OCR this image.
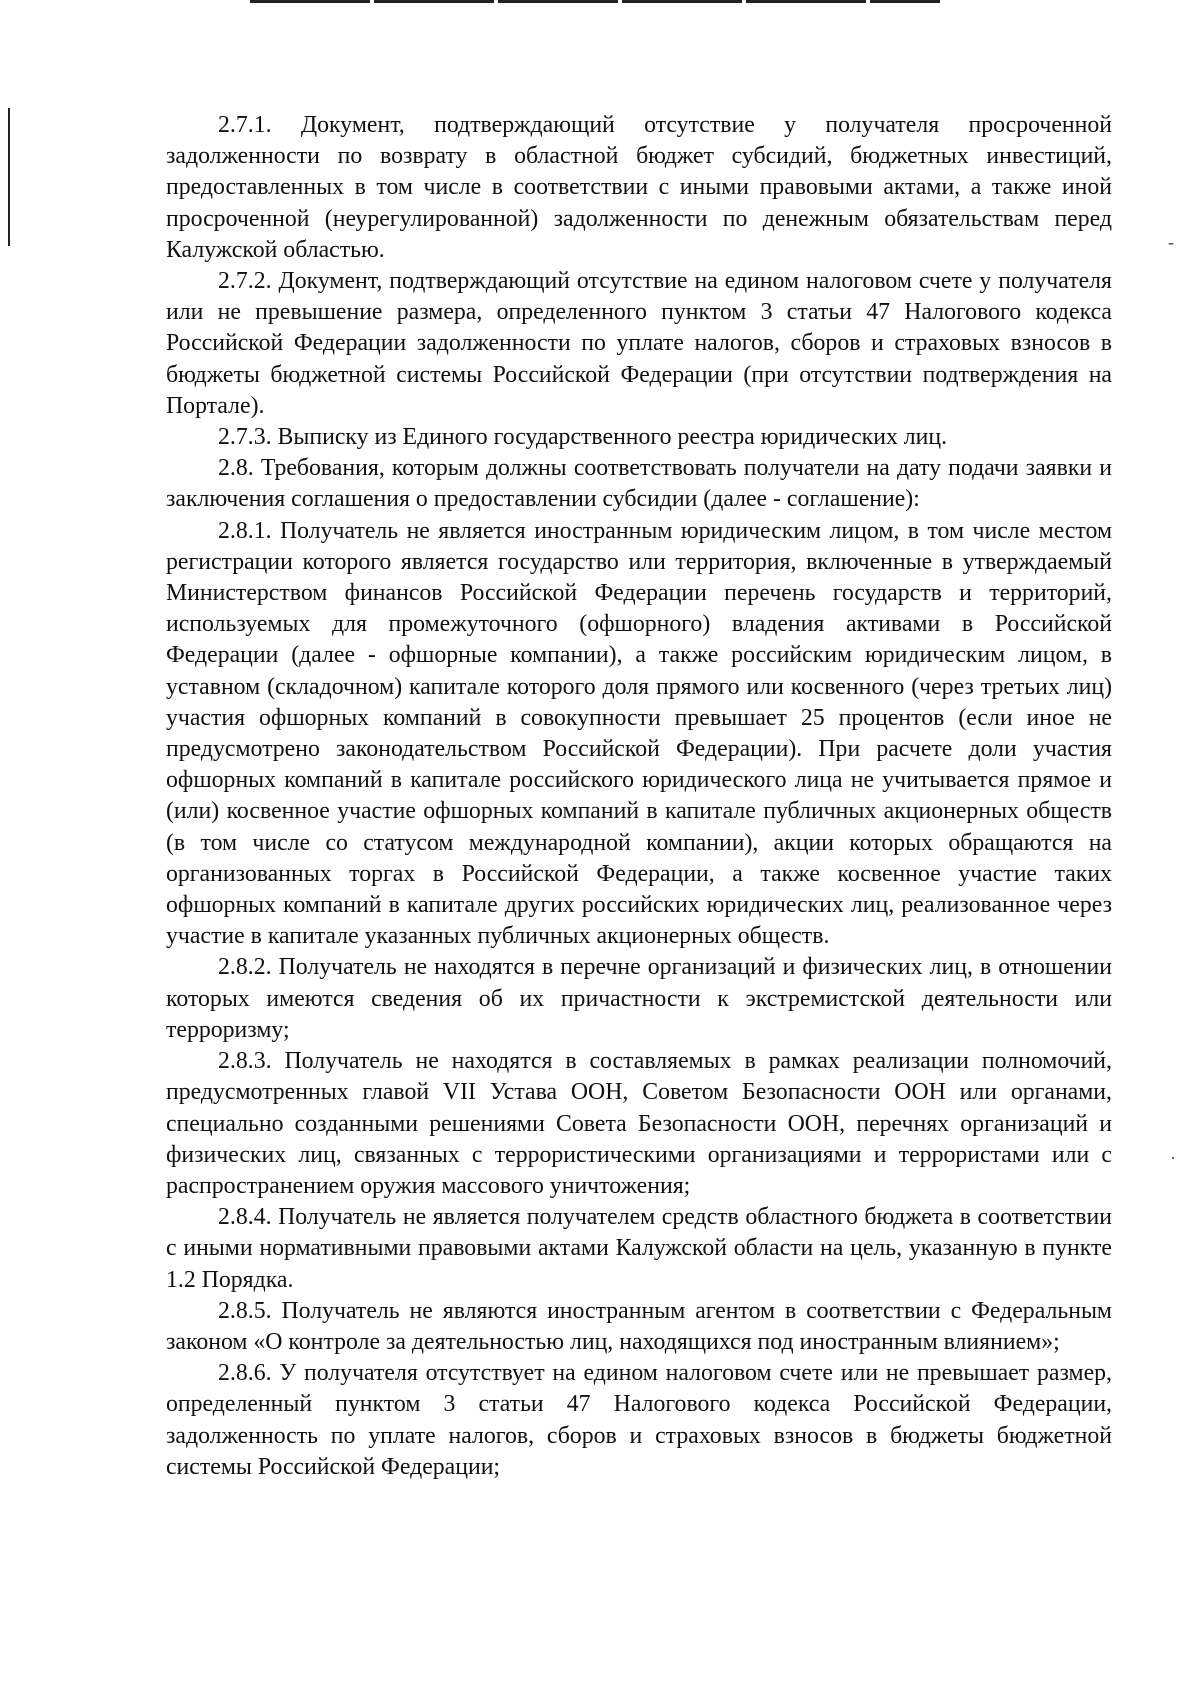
‐
·

2.7.1. Документ, подтверждающий отсутствие у получателя просроченной задолженности по возврату в областной бюджет субсидий, бюджетных инвестиций, предоставленных в том числе в соответствии с иными правовыми актами, а также иной просроченной (неурегулированной) задолженности по денежным обязательствам перед Калужской областью.

2.7.2. Документ, подтверждающий отсутствие на едином налоговом счете у получателя или не превышение размера, определенного пунктом 3 статьи 47 Налогового кодекса Российской Федерации задолженности по уплате налогов, сборов и страховых взносов в бюджеты бюджетной системы Российской Федерации (при отсутствии подтверждения на Портале).

2.7.3. Выписку из Единого государственного реестра юридических лиц.

2.8. Требования, которым должны соответствовать получатели на дату подачи заявки и заключения соглашения о предоставлении субсидии (далее - соглашение):

2.8.1. Получатель не является иностранным юридическим лицом, в том числе местом регистрации которого является государство или территория, включенные в утверждаемый Министерством финансов Российской Федерации перечень государств и территорий, используемых для промежуточного (офшорного) владения активами в Российской Федерации (далее - офшорные компании), а также российским юридическим лицом, в уставном (складочном) капитале которого доля прямого или косвенного (через третьих лиц) участия офшорных компаний в совокупности превышает 25 процентов (если иное не предусмотрено законодательством Российской Федерации). При расчете доли участия офшорных компаний в капитале российского юридического лица не учитывается прямое и (или) косвенное участие офшорных компаний в капитале публичных акционерных обществ (в том числе со статусом международной компании), акции которых обращаются на организованных торгах в Российской Федерации, а также косвенное участие таких офшорных компаний в капитале других российских юридических лиц, реализованное через участие в капитале указанных публичных акционерных обществ.

2.8.2. Получатель не находятся в перечне организаций и физических лиц, в отношении которых имеются сведения об их причастности к экстремистской деятельности или терроризму;

2.8.3. Получатель не находятся в составляемых в рамках реализации полномочий, предусмотренных главой VII Устава ООН, Советом Безопасности ООН или органами, специально созданными решениями Совета Безопасности ООН, перечнях организаций и физических лиц, связанных с террористическими организациями и террористами или с распространением оружия массового уничтожения;

2.8.4. Получатель не является получателем средств областного бюджета в соответствии с иными нормативными правовыми актами Калужской области на цель, указанную в пункте 1.2 Порядка.

2.8.5. Получатель не являются иностранным агентом в соответствии с Федеральным законом «О контроле за деятельностью лиц, находящихся под иностранным влиянием»;

2.8.6. У получателя отсутствует на едином налоговом счете или не превышает размер, определенный пунктом 3 статьи 47 Налогового кодекса Российской Федерации, задолженность по уплате налогов, сборов и страховых взносов в бюджеты бюджетной системы Российской Федерации;
